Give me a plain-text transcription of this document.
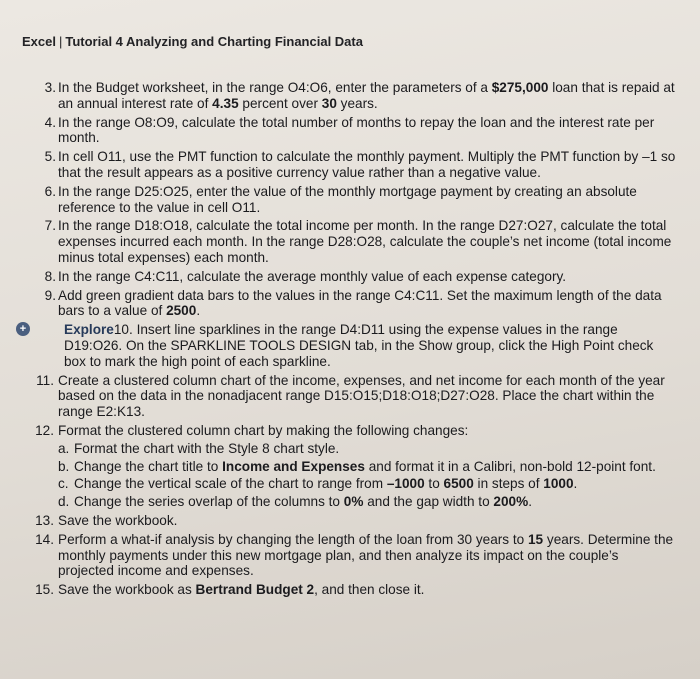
Excel | Tutorial 4 Analyzing and Charting Financial Data
3. In the Budget worksheet, in the range O4:O6, enter the parameters of a $275,000 loan that is repaid at an annual interest rate of 4.35 percent over 30 years.
4. In the range O8:O9, calculate the total number of months to repay the loan and the interest rate per month.
5. In cell O11, use the PMT function to calculate the monthly payment. Multiply the PMT function by –1 so that the result appears as a positive currency value rather than a negative value.
6. In the range D25:O25, enter the value of the monthly mortgage payment by creating an absolute reference to the value in cell O11.
7. In the range D18:O18, calculate the total income per month. In the range D27:O27, calculate the total expenses incurred each month. In the range D28:O28, calculate the couple’s net income (total income minus total expenses) each month.
8. In the range C4:C11, calculate the average monthly value of each expense category.
9. Add green gradient data bars to the values in the range C4:C11. Set the maximum length of the data bars to a value of 2500.
+	Explore10. Insert line sparklines in the range D4:D11 using the expense values in the range D19:O26. On the SPARKLINE TOOLS DESIGN tab, in the Show group, click the High Point check box to mark the high point of each sparkline.
11. Create a clustered column chart of the income, expenses, and net income for each month of the year based on the data in the nonadjacent range D15:O15;D18:O18;D27:O28. Place the chart within the range E2:K13.
12. Format the clustered column chart by making the following changes:
a. Format the chart with the Style 8 chart style.
b. Change the chart title to Income and Expenses and format it in a Calibri, non-bold 12-point font.
c. Change the vertical scale of the chart to range from –1000 to 6500 in steps of 1000.
d. Change the series overlap of the columns to 0% and the gap width to 200%.
13. Save the workbook.
14. Perform a what-if analysis by changing the length of the loan from 30 years to 15 years. Determine the monthly payments under this new mortgage plan, and then analyze its impact on the couple’s projected income and expenses.
15. Save the workbook as Bertrand Budget 2, and then close it.
